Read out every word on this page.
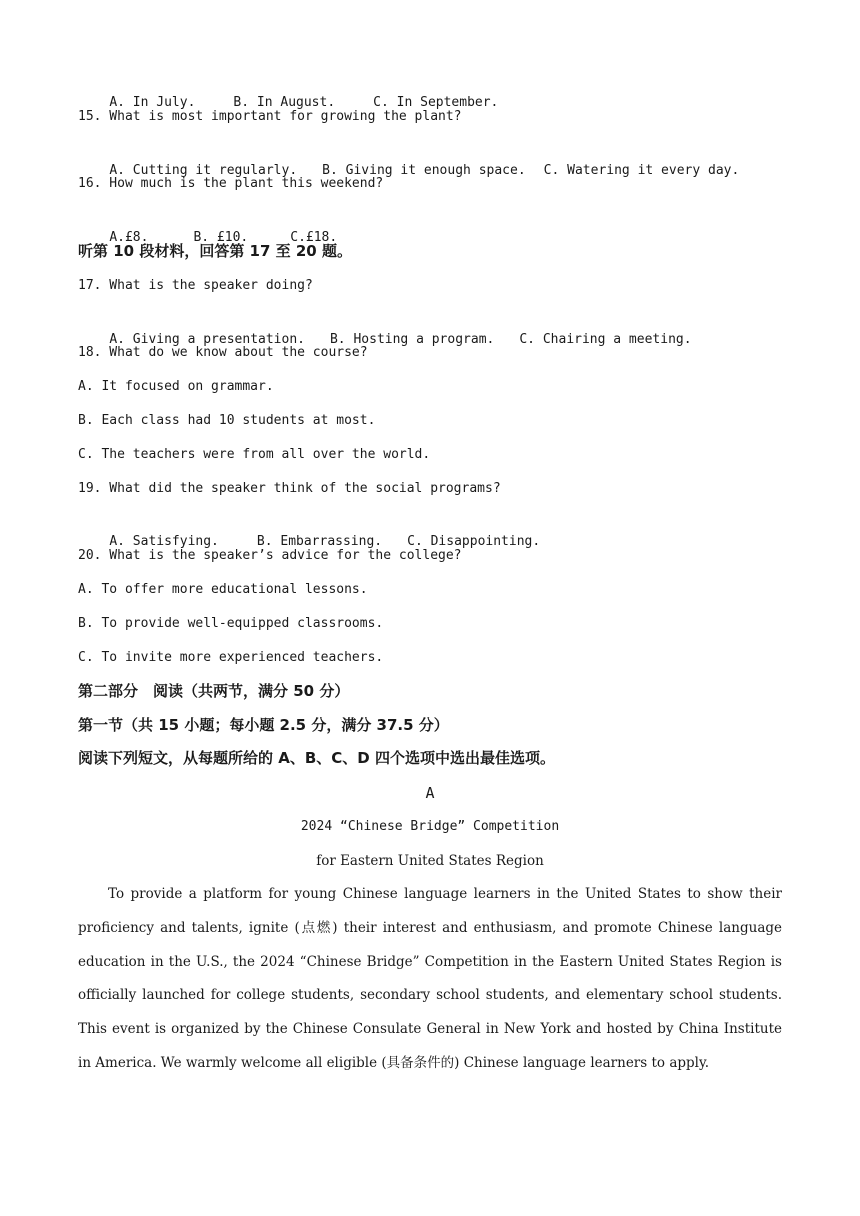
A. In July.	B. In August.	C. In September.

15. What is most important for growing the plant?

A. Cutting it regularly. B. Giving it enough space. C. Watering it every day.

16. How much is the plant this weekend?

A.£8.	B. £10.	C.£18.

听第 10 段材料，回答第 17 至 20 题。
17. What is the speaker doing?

A. Giving a presentation. B. Hosting a program. C. Chairing a meeting.

18. What do we know about the course?
A. It focused on grammar.
B. Each class had 10 students at most.
C. The teachers were from all over the world.
19. What did the speaker think of the social programs?

A. Satisfying.	B. Embarrassing. C. Disappointing.

20. What is the speaker’s advice for the college?
A. To offer more educational lessons.
B. To provide well-equipped classrooms.
C. To invite more experienced teachers.
第二部分　阅读（共两节，满分 50 分）
第一节（共 15 小题；每小题 2.5 分，满分 37.5 分）
阅读下列短文，从每题所给的 A、B、C、D 四个选项中选出最佳选项。
A
2024 “Chinese Bridge” Competition
for Eastern United States Region

To provide a platform for young Chinese language learners in the United States to show their proficiency and talents, ignite (点燃) their interest and enthusiasm, and promote Chinese language education in the U.S., the 2024 “Chinese Bridge” Competition in the Eastern United States Region is officially launched for college students, secondary school students, and elementary school students. This event is organized by the Chinese Consulate General in New York and hosted by China Institute in America. We warmly welcome all eligible (具备条件的) Chinese language learners to apply.
